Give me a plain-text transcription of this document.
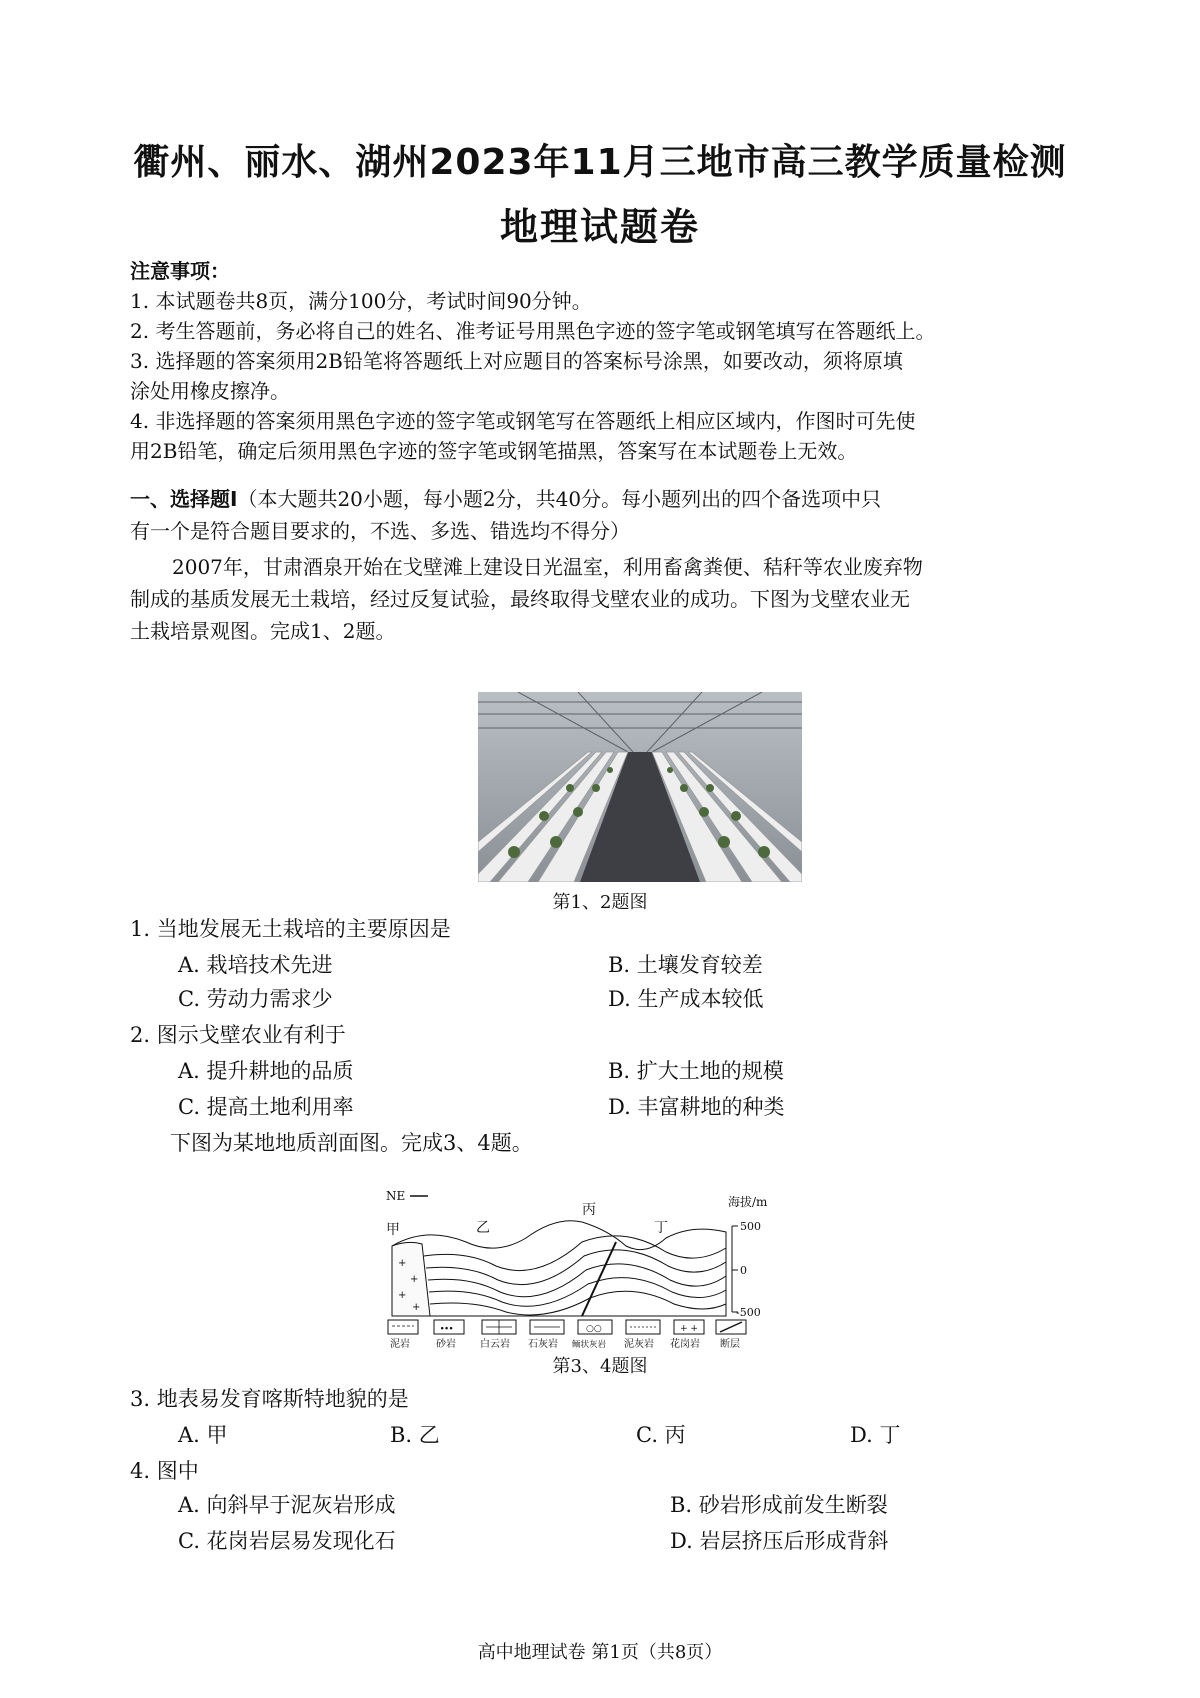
衢州、丽水、湖州2023年11月三地市高三教学质量检测
地理试题卷
注意事项：
1. 本试题卷共8页，满分100分，考试时间90分钟。
2. 考生答题前，务必将自己的姓名、准考证号用黑色字迹的签字笔或钢笔填写在答题纸上。
3. 选择题的答案须用2B铅笔将答题纸上对应题目的答案标号涂黑，如要改动，须将原填
涂处用橡皮擦净。
4. 非选择题的答案须用黑色字迹的签字笔或钢笔写在答题纸上相应区域内，作图时可先使
用2B铅笔，确定后须用黑色字迹的签字笔或钢笔描黑，答案写在本试题卷上无效。
一、选择题Ⅰ（本大题共20小题，每小题2分，共40分。每小题列出的四个备选项中只
有一个是符合题目要求的，不选、多选、错选均不得分）
2007年，甘肃酒泉开始在戈壁滩上建设日光温室，利用畜禽粪便、秸秆等农业废弃物
制成的基质发展无土栽培，经过反复试验，最终取得戈壁农业的成功。下图为戈壁农业无
土栽培景观图。完成1、2题。
第1、2题图
1. 当地发展无土栽培的主要原因是
A. 栽培技术先进	B. 土壤发育较差
C. 劳动力需求少	D. 生产成本较低
2. 图示戈壁农业有利于
A. 提升耕地的品质	B. 扩大土地的规模
C. 提高土地利用率	D. 丰富耕地的种类
下图为某地地质剖面图。完成3、4题。
NE
甲	乙
丙
丁
海拔/m
+
+
+
+
500
0
-500
∙∙∙	○○	+ +
泥岩	砂岩 白云岩 石灰岩 鲕状灰岩 泥灰岩 花岗岩 断层
第3、4题图
3. 地表易发育喀斯特地貌的是
A. 甲	B. 乙	C. 丙	D. 丁
4. 图中
A. 向斜早于泥灰岩形成	B. 砂岩形成前发生断裂
C. 花岗岩层易发现化石	D. 岩层挤压后形成背斜
高中地理试卷 第1页（共8页）
